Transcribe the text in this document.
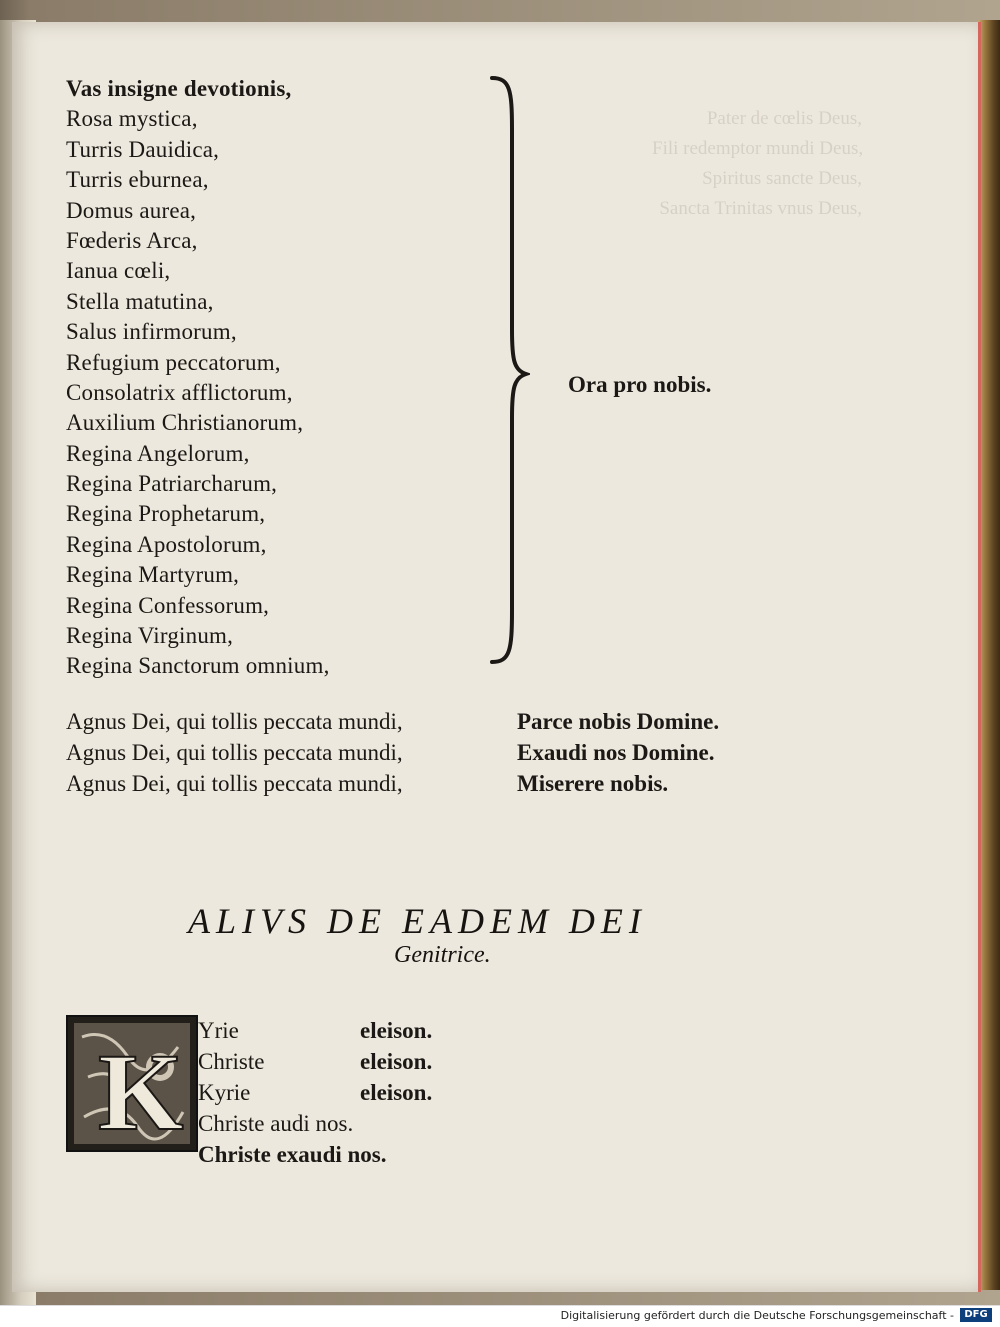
Pater de cœlis Deus,
Fili redemptor mundi Deus,
Spiritus sancte Deus,
Sancta Trinitas vnus Deus,
Vas insigne devotionis,
Rosa mystica,
Turris Dauidica,
Turris eburnea,
Domus aurea,
Fœderis Arca,
Ianua cœli,
Stella matutina,
Salus infirmorum,
Refugium peccatorum,
Consolatrix afflictorum,
Auxilium Christianorum,
Regina Angelorum,
Regina Patriarcharum,
Regina Prophetarum,
Regina Apostolorum,
Regina Martyrum,
Regina Confessorum,
Regina Virginum,
Regina Sanctorum omnium,
Ora pro nobis.
Agnus Dei, qui tollis peccata mundi,
Agnus Dei, qui tollis peccata mundi,
Agnus Dei, qui tollis peccata mundi,
Parce nobis Domine.
Exaudi nos Domine.
Miserere nobis.
ALIVS DE EADEM DEI
Genitrice.
K
Yrie
Christe
Kyrie
Christe audi nos.
Christe exaudi nos.
eleison.
eleison.
eleison.
Digitalisierung gefördert durch die Deutsche Forschungsgemeinschaft -	DFG
